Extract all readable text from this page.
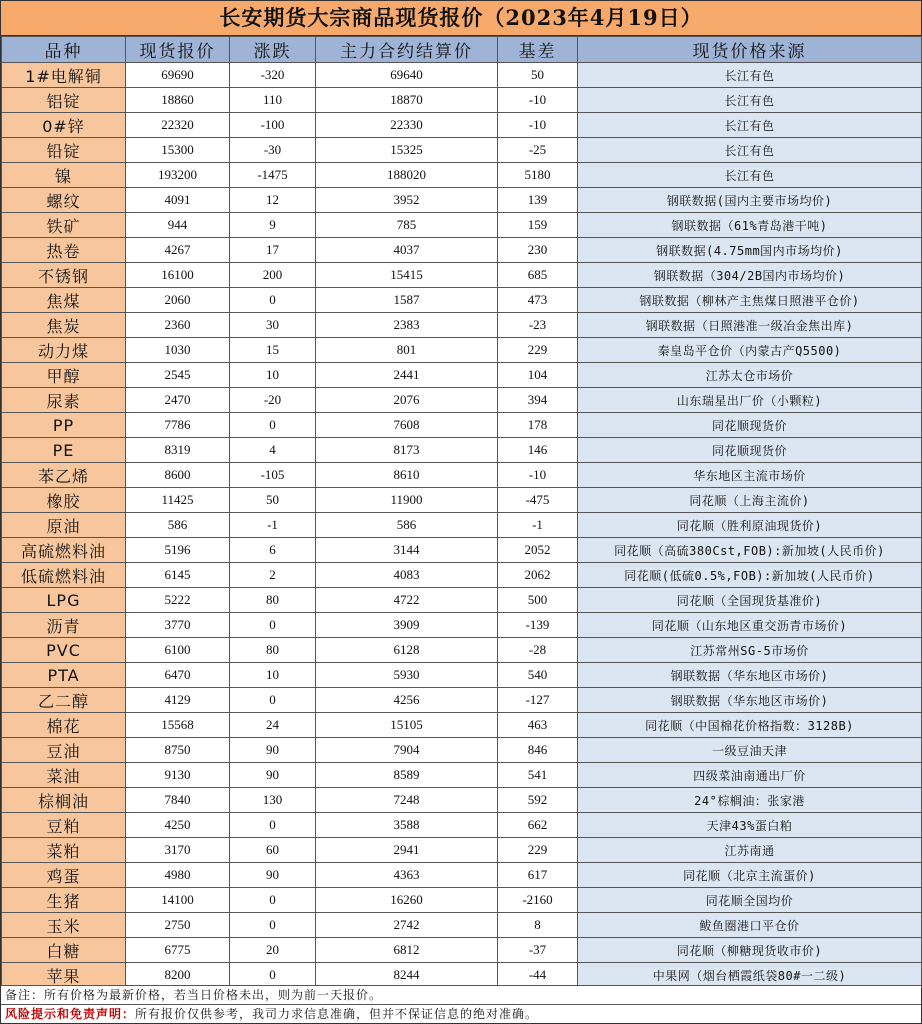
长安期货大宗商品现货报价（2023年4月19日）
品种	现货报价	涨跌	主力合约结算价	基差	现货价格来源
1#电解铜	69690	-320	69640	50	长江有色
铝锭	18860	110	18870	-10	长江有色
0#锌	22320	-100	22330	-10	长江有色
铅锭	15300	-30	15325	-25	长江有色
镍	193200	-1475	188020	5180	长江有色
螺纹	4091	12	3952	139	钢联数据(国内主要市场均价)
铁矿	944	9	785	159	钢联数据（61%青岛港干吨)
热卷	4267	17	4037	230	钢联数据(4.75mm国内市场均价)
不锈钢	16100	200	15415	685	钢联数据（304/2B国内市场均价)
焦煤	2060	0	1587	473	钢联数据（柳林产主焦煤日照港平仓价)
焦炭	2360	30	2383	-23	钢联数据（日照港准一级冶金焦出库)
动力煤	1030	15	801	229	秦皇岛平仓价（内蒙古产Q5500)
甲醇	2545	10	2441	104	江苏太仓市场价
尿素	2470	-20	2076	394	山东瑞星出厂价（小颗粒)
PP	7786	0	7608	178	同花顺现货价
PE	8319	4	8173	146	同花顺现货价
苯乙烯	8600	-105	8610	-10	华东地区主流市场价
橡胶	11425	50	11900	-475	同花顺（上海主流价)
原油	586	-1	586	-1	同花顺（胜利原油现货价)
高硫燃料油	5196	6	3144	2052	同花顺（高硫380Cst,FOB):新加坡(人民币价)
低硫燃料油	6145	2	4083	2062	同花顺(低硫0.5%,FOB):新加坡(人民币价)
LPG	5222	80	4722	500	同花顺（全国现货基准价)
沥青	3770	0	3909	-139	同花顺（山东地区重交沥青市场价)
PVC	6100	80	6128	-28	江苏常州SG-5市场价
PTA	6470	10	5930	540	钢联数据（华东地区市场价)
乙二醇	4129	0	4256	-127	钢联数据（华东地区市场价)
棉花	15568	24	15105	463	同花顺（中国棉花价格指数：3128B)
豆油	8750	90	7904	846	一级豆油天津
菜油	9130	90	8589	541	四级菜油南通出厂价
棕榈油	7840	130	7248	592	24°棕榈油：张家港
豆粕	4250	0	3588	662	天津43%蛋白粕
菜粕	3170	60	2941	229	江苏南通
鸡蛋	4980	90	4363	617	同花顺（北京主流蛋价)
生猪	14100	0	16260	-2160	同花顺全国均价
玉米	2750	0	2742	8	鲅鱼圈港口平仓价
白糖	6775	20	6812	-37	同花顺（柳糖现货收市价)
苹果	8200	0	8244	-44	中果网（烟台栖霞纸袋80#一二级)
备注：所有价格为最新价格，若当日价格未出，则为前一天报价。
风险提示和免责声明：所有报价仅供参考，我司力求信息准确，但并不保证信息的绝对准确。
